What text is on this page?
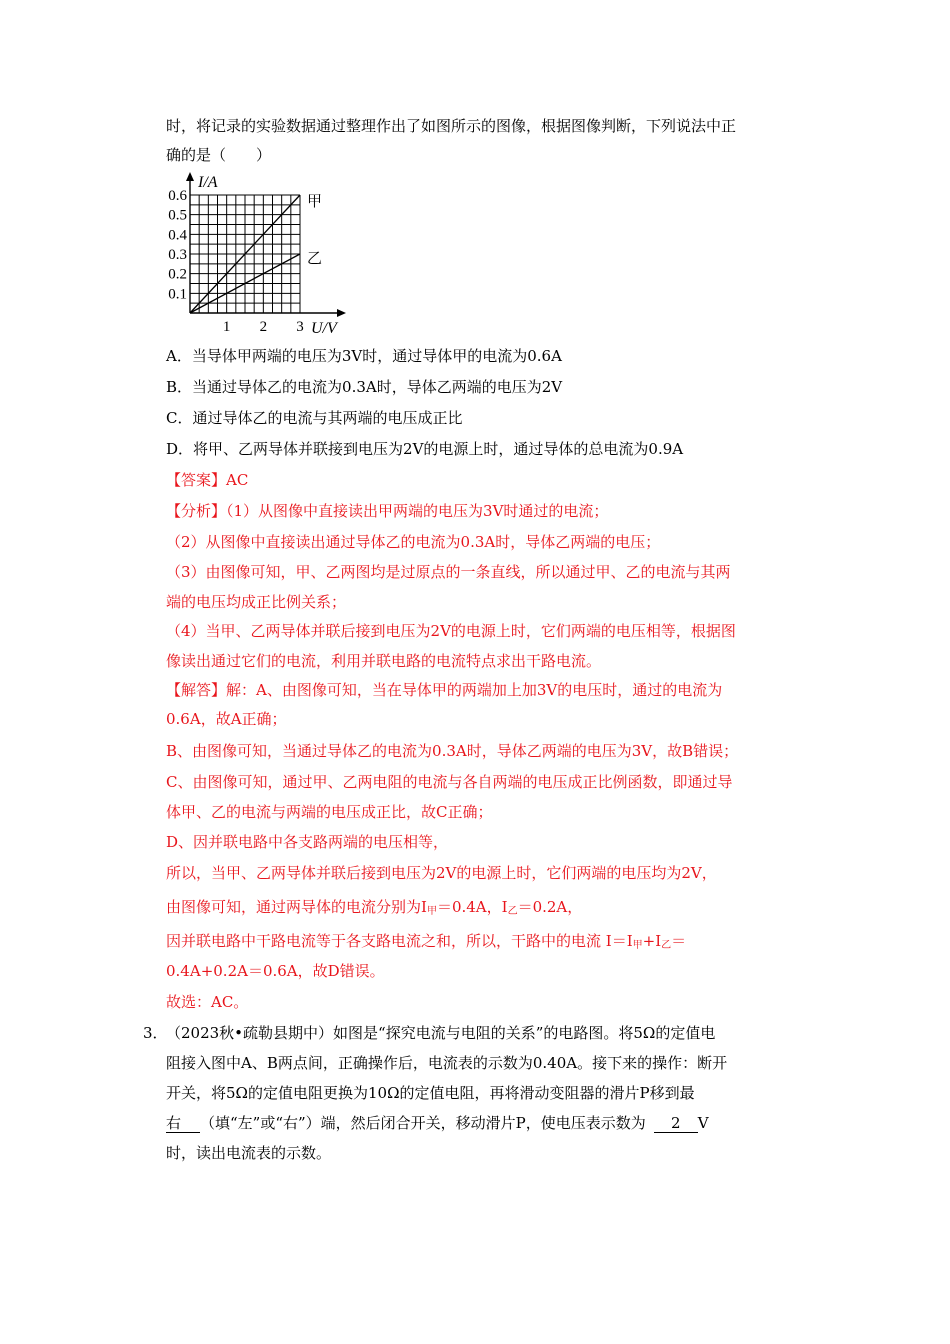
时，将记录的实验数据通过整理作出了如图所示的图像，根据图像判断，下列说法中正
确的是（　　）
0.1
0.2
0.3
0.4
0.5
0.6
1 2 3
I/A
U/V
甲
乙
A．当导体甲两端的电压为3V时，通过导体甲的电流为0.6A
B．当通过导体乙的电流为0.3A时，导体乙两端的电压为2V
C．通过导体乙的电流与其两端的电压成正比
D．将甲、乙两导体并联接到电压为2V的电源上时，通过导体的总电流为0.9A
【答案】AC
【分析】（1）从图像中直接读出甲两端的电压为3V时通过的电流；
（2）从图像中直接读出通过导体乙的电流为0.3A时，导体乙两端的电压；
（3）由图像可知，甲、乙两图均是过原点的一条直线，所以通过甲、乙的电流与其两
端的电压均成正比例关系；
（4）当甲、乙两导体并联后接到电压为2V的电源上时，它们两端的电压相等，根据图
像读出通过它们的电流，利用并联电路的电流特点求出干路电流。
【解答】解：A、由图像可知，当在导体甲的两端加上加3V的电压时，通过的电流为
0.6A，故A正确；
B、由图像可知，当通过导体乙的电流为0.3A时，导体乙两端的电压为3V，故B错误；
C、由图像可知，通过甲、乙两电阻的电流与各自两端的电压成正比例函数，即通过导
体甲、乙的电流与两端的电压成正比，故C正确；
D、因并联电路中各支路两端的电压相等，
所以，当甲、乙两导体并联后接到电压为2V的电源上时，它们两端的电压均为2V，
由图像可知，通过两导体的电流分别为$I_甲=0.4A$，$I_乙=0.2A$，
因并联电路中干路电流等于各支路电流之和，所以，干路中的电流 $I=I_甲+I_乙=$
0.4A+0.2A＝0.6A，故D错误。
故选：AC。
3．
（2023秋•疏勒县期中）如图是“探究电流与电阻的关系”的电路图。将5Ω的定值电
阻接入图中A、B两点间，正确操作后，电流表的示数为0.40A。接下来的操作：断开
开关，将5Ω的定值电阻更换为10Ω的定值电阻，再将滑动变阻器的滑片P移到最
右 （填“左”或“右”）端，然后闭合开关，移动滑片P，使电压表示数为 2 V
时，读出电流表的示数。
